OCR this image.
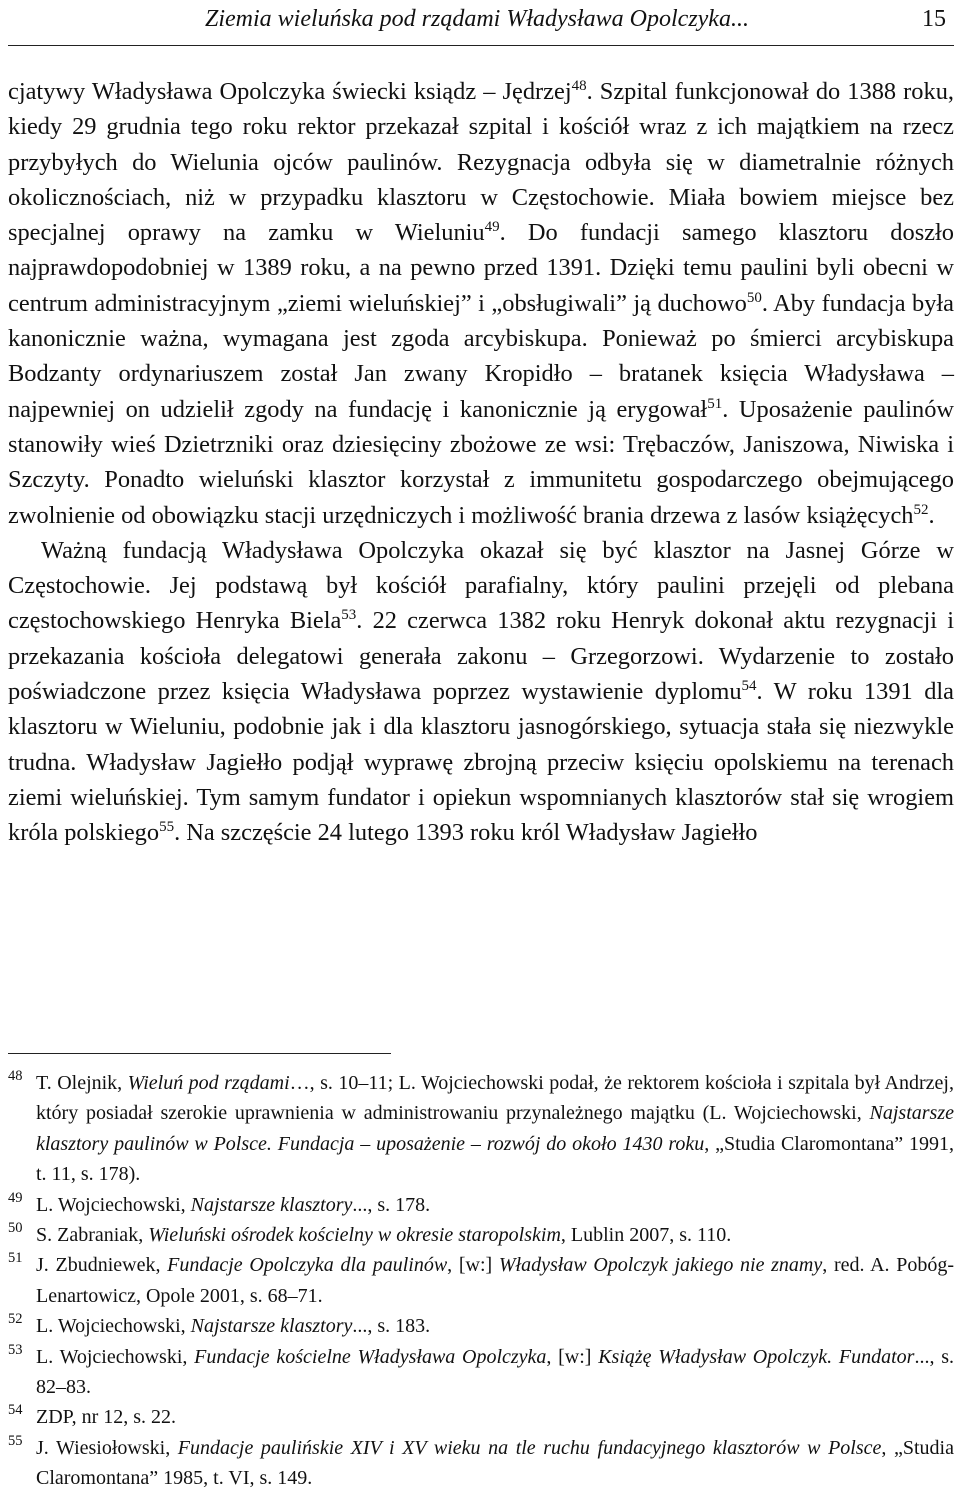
Ziemia wieluńska pod rządami Władysława Opolczyka...	15

cjatywy Władysława Opolczyka świecki ksiądz – Jędrzej$^{48}$. Szpital funkcjonował do 1388 roku, kiedy 29 grudnia tego roku rektor przekazał szpital i kościół wraz z ich majątkiem na rzecz przybyłych do Wielunia ojców paulinów. Rezygnacja odbyła się w diametralnie różnych okolicznościach, niż w przypadku klasztoru w Częstochowie. Miała bowiem miejsce bez specjalnej oprawy na zamku w Wieluniu$^{49}$. Do fundacji samego klasztoru doszło najprawdopodobniej w 1389 roku, a na pewno przed 1391. Dzięki temu paulini byli obecni w centrum administracyjnym „ziemi wieluńskiej” i „obsługiwali” ją duchowo$^{50}$. Aby fundacja była kanonicznie ważna, wymagana jest zgoda arcybiskupa. Ponieważ po śmierci arcybiskupa Bodzanty ordynariuszem został Jan zwany Kropidło – bratanek księcia Władysława – najpewniej on udzielił zgody na fundację i kanonicznie ją erygował$^{51}$. Uposażenie paulinów stanowiły wieś Dzietrzniki oraz dziesięciny zbożowe ze wsi: Trębaczów, Janiszowa, Niwiska i Szczyty. Ponadto wieluński klasztor korzystał z immunitetu gospodarczego obejmującego zwolnienie od obowiązku stacji urzędniczych i możliwość brania drzewa z lasów książęcych$^{52}$.

Ważną fundacją Władysława Opolczyka okazał się być klasztor na Jasnej Górze w Częstochowie. Jej podstawą był kościół parafialny, który paulini przejęli od plebana częstochowskiego Henryka Biela$^{53}$. 22 czerwca 1382 roku Henryk dokonał aktu rezygnacji i przekazania kościoła delegatowi generała zakonu – Grzegorzowi. Wydarzenie to zostało poświadczone przez księcia Władysława poprzez wystawienie dyplomu$^{54}$. W roku 1391 dla klasztoru w Wieluniu, podobnie jak i dla klasztoru jasnogórskiego, sytuacja stała się niezwykle trudna. Władysław Jagiełło podjął wyprawę zbrojną przeciw księciu opolskiemu na terenach ziemi wieluńskiej. Tym samym fundator i opiekun wspomnianych klasztorów stał się wrogiem króla polskiego$^{55}$. Na szczęście 24 lutego 1393 roku król Władysław Jagiełło

48 T. Olejnik, Wieluń pod rządami…, s. 10–11; L. Wojciechowski podał, że rektorem kościoła i szpitala był Andrzej, który posiadał szerokie uprawnienia w administrowaniu przynależnego majątku (L. Wojciechowski, Najstarsze klasztory paulinów w Polsce. Fundacja – uposażenie – rozwój do około 1430 roku, „Studia Claromontana” 1991, t. 11, s. 178).
49 L. Wojciechowski, Najstarsze klasztory..., s. 178.
50 S. Zabraniak, Wieluński ośrodek kościelny w okresie staropolskim, Lublin 2007, s. 110.
51 J. Zbudniewek, Fundacje Opolczyka dla paulinów, [w:] Władysław Opolczyk jakiego nie znamy, red. A. Pobóg-Lenartowicz, Opole 2001, s. 68–71.
52 L. Wojciechowski, Najstarsze klasztory..., s. 183.
53 L. Wojciechowski, Fundacje kościelne Władysława Opolczyka, [w:] Książę Władysław Opolczyk. Fundator..., s. 82–83.
54 ZDP, nr 12, s. 22.
55 J. Wiesiołowski, Fundacje paulińskie XIV i XV wieku na tle ruchu fundacyjnego klasztorów w Polsce, „Studia Claromontana” 1985, t. VI, s. 149.
